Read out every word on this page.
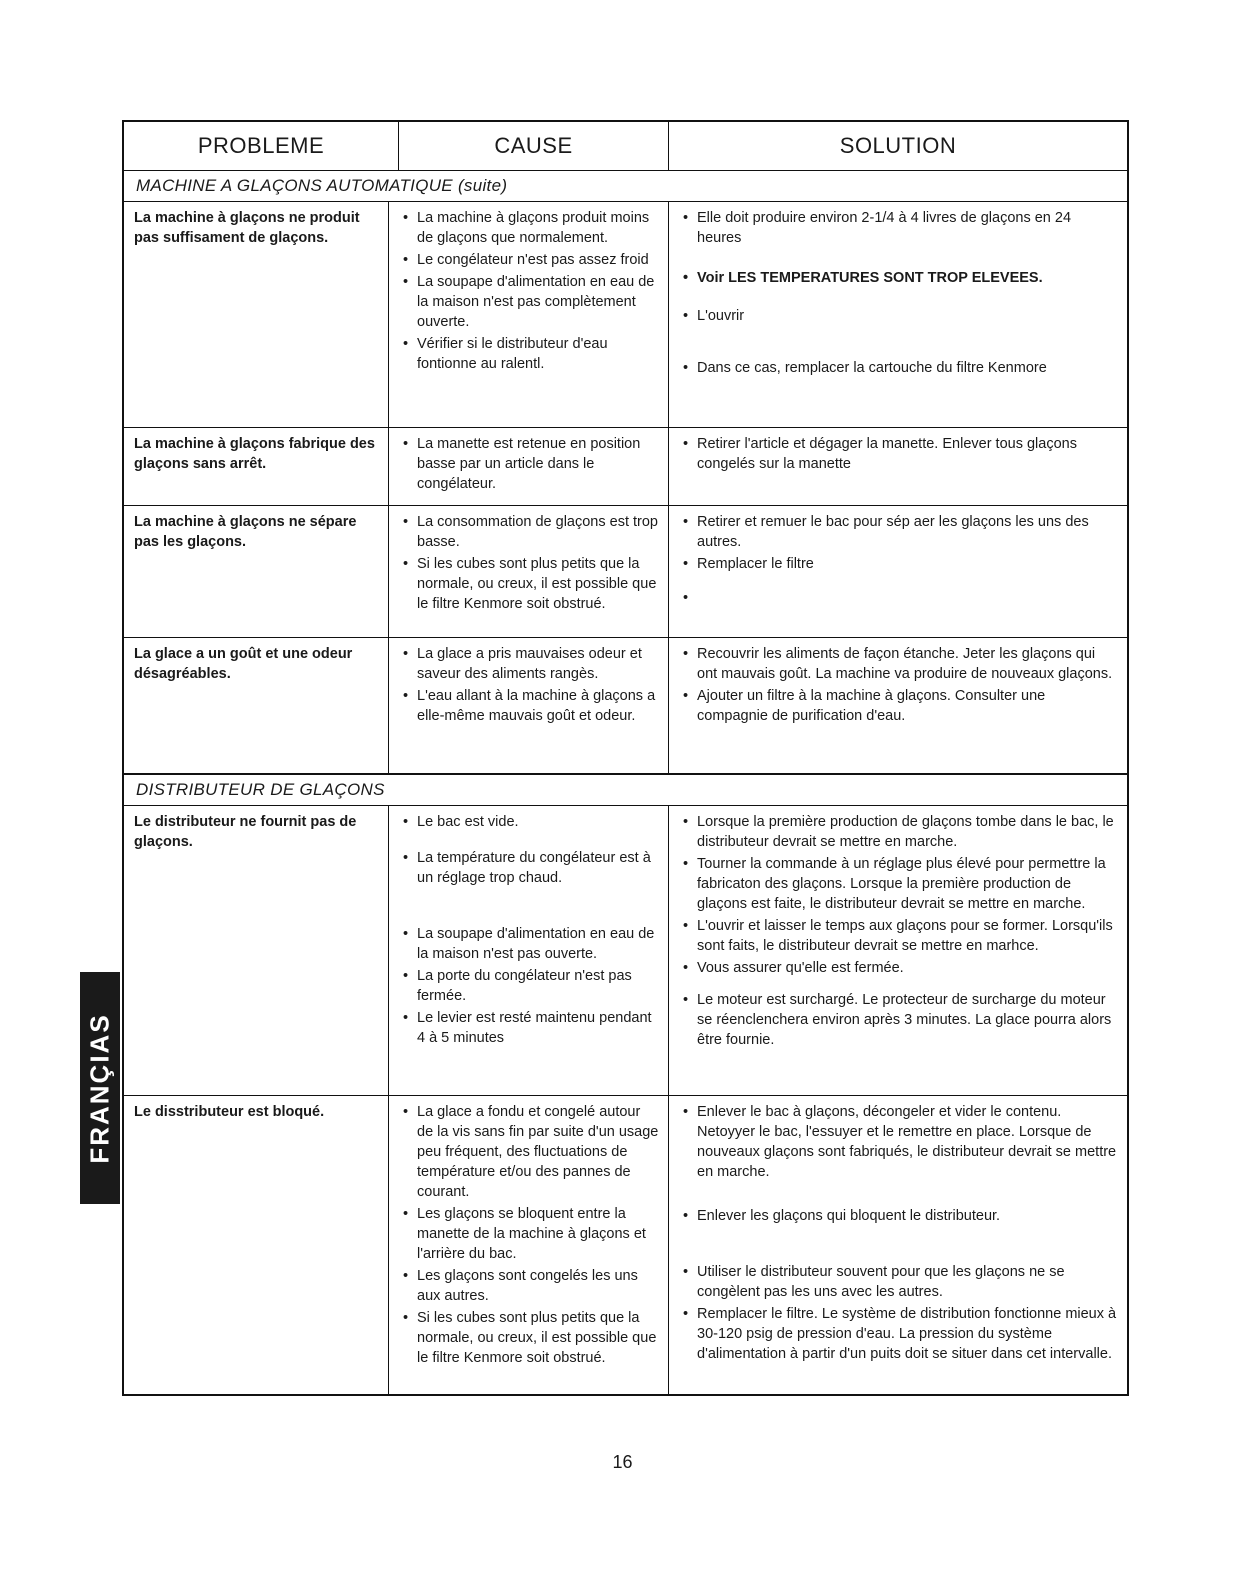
PROBLEME	CAUSE	SOLUTION
MACHINE A GLAÇONS AUTOMATIQUE (suite)
La machine à glaçons ne produit pas suffisament de glaçons.
• La machine à glaçons produit moins de glaçons que normalement.
• Le congélateur n'est pas assez froid
• La soupape d'alimentation en eau de la maison n'est pas complètement ouverte.
• Vérifier si le distributeur d'eau fontionne au ralentl.
• Elle doit produire environ 2-1/4 à 4 livres de glaçons en 24 heures
• Voir LES TEMPERATURES SONT TROP ELEVEES.
• L'ouvrir
• Dans ce cas, remplacer la cartouche du filtre Kenmore
La machine à glaçons fabrique des glaçons sans arrêt.
• La manette est retenue en position basse par un article dans le congélateur.
• Retirer l'article et dégager la manette. Enlever tous glaçons congelés sur la manette
La machine à glaçons ne sépare pas les glaçons.
• La consommation de glaçons est trop basse.
• Si les cubes sont plus petits que la normale, ou creux, il est possible que le filtre Kenmore soit obstrué.
• Retirer et remuer le bac pour sép aer les glaçons les uns des autres.
• Remplacer le filtre
La glace a un goût et une odeur désagréables.
• La glace a pris mauvaises odeur et saveur des aliments rangès.
• L'eau allant à la machine à glaçons a elle-même mauvais goût et odeur.
• Recouvrir les aliments de façon étanche. Jeter les glaçons qui ont mauvais goût. La machine va produire de nouveaux glaçons.
• Ajouter un filtre à la machine à glaçons. Consulter une compagnie de purification d'eau.
DISTRIBUTEUR DE GLAÇONS
Le distributeur ne fournit pas de glaçons.
• Le bac est vide.
• La température du congélateur est à un réglage trop chaud.
• La soupape d'alimentation en eau de la maison n'est pas ouverte.
• La porte du congélateur n'est pas fermée.
• Le levier est resté maintenu pendant 4 à 5 minutes
• Lorsque la première production de glaçons tombe dans le bac, le distributeur devrait se mettre en marche.
• Tourner la commande à un réglage plus élevé pour permettre la fabricaton des glaçons. Lorsque la première production de glaçons est faite, le distributeur devrait se mettre en marche.
• L'ouvrir et laisser le temps aux glaçons pour se former. Lorsqu'ils sont faits, le distributeur devrait se mettre en marhce.
• Vous assurer qu'elle est fermée.
• Le moteur est surchargé. Le protecteur de surcharge du moteur se réenclenchera environ après 3 minutes. La glace pourra alors être fournie.
Le disstributeur est bloqué.
•	La glace a fondu et congelé autour de la vis sans fin par suite d'un usage peu fréquent, des fluctuations de température et/ou des pannes de courant.
• Les glaçons se bloquent entre la manette de la machine à glaçons et l'arrière du bac.
• Les glaçons sont congelés les uns aux autres.
• Si les cubes sont plus petits que la normale, ou creux, il est possible que le filtre Kenmore soit obstrué.
• Enlever le bac à glaçons, décongeler et vider le contenu. Netoyyer le bac, l'essuyer et le remettre en place. Lorsque de nouveaux glaçons sont fabriqués, le distributeur devrait se mettre en marche.
• Enlever les glaçons qui bloquent le distributeur.
• Utiliser le distributeur souvent pour que les glaçons ne se congèlent pas les uns avec les autres.
• Remplacer le filtre. Le système de distribution fonctionne mieux à 30-120 psig de pression d'eau. La pression du système d'alimentation à partir d'un puits doit se situer dans cet intervalle.
FRANÇIAS
16
